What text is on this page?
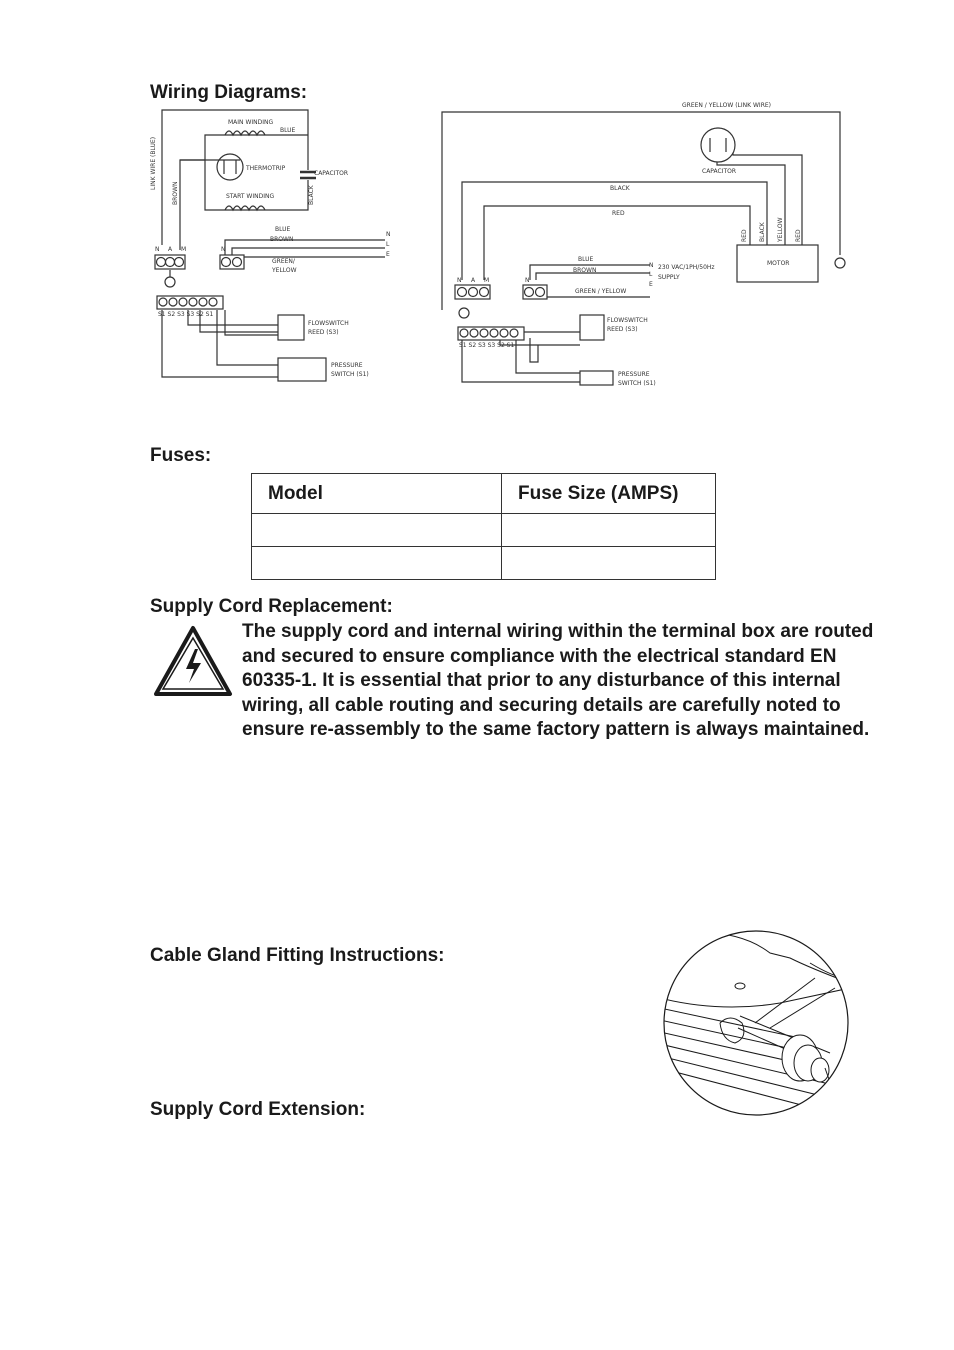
Wiring Diagrams:
Fuses:
Supply Cord Replacement:
Cable Gland Fitting Instructions:
Supply Cord Extension:
LINK WIRE (BLUE)
MAIN WINDING
BLUE
THERMOTRIP
CAPACITOR
START WINDING
BROWN	BLACK
BLUE
BROWN
GREEN/
YELLOW
N
L
E
N A M	N
S1 S2 S3 S3 S2 S1
FLOWSWITCH
REED (S3)
PRESSURE
SWITCH (S1)
GREEN / YELLOW (LINK WIRE)
CAPACITOR
BLACK
RED
RED BLACK YELLOW RED
MOTOR
BLUE
BROWN
GREEN / YELLOW
N
L
E
230 VAC/1PH/50Hz
SUPPLY
N A M	N
S1 S2 S3 S3 S2 S1
FLOWSWITCH
REED (S3)
PRESSURE
SWITCH (S1)
Model	Fuse Size (AMPS)

The supply cord and internal wiring within the terminal box are routed and secured to ensure compliance with the electrical standard EN 60335-1. It is essential that prior to any disturbance of this internal wiring, all cable routing and securing details are carefully noted to ensure re-assembly to the same factory pattern is always maintained.
